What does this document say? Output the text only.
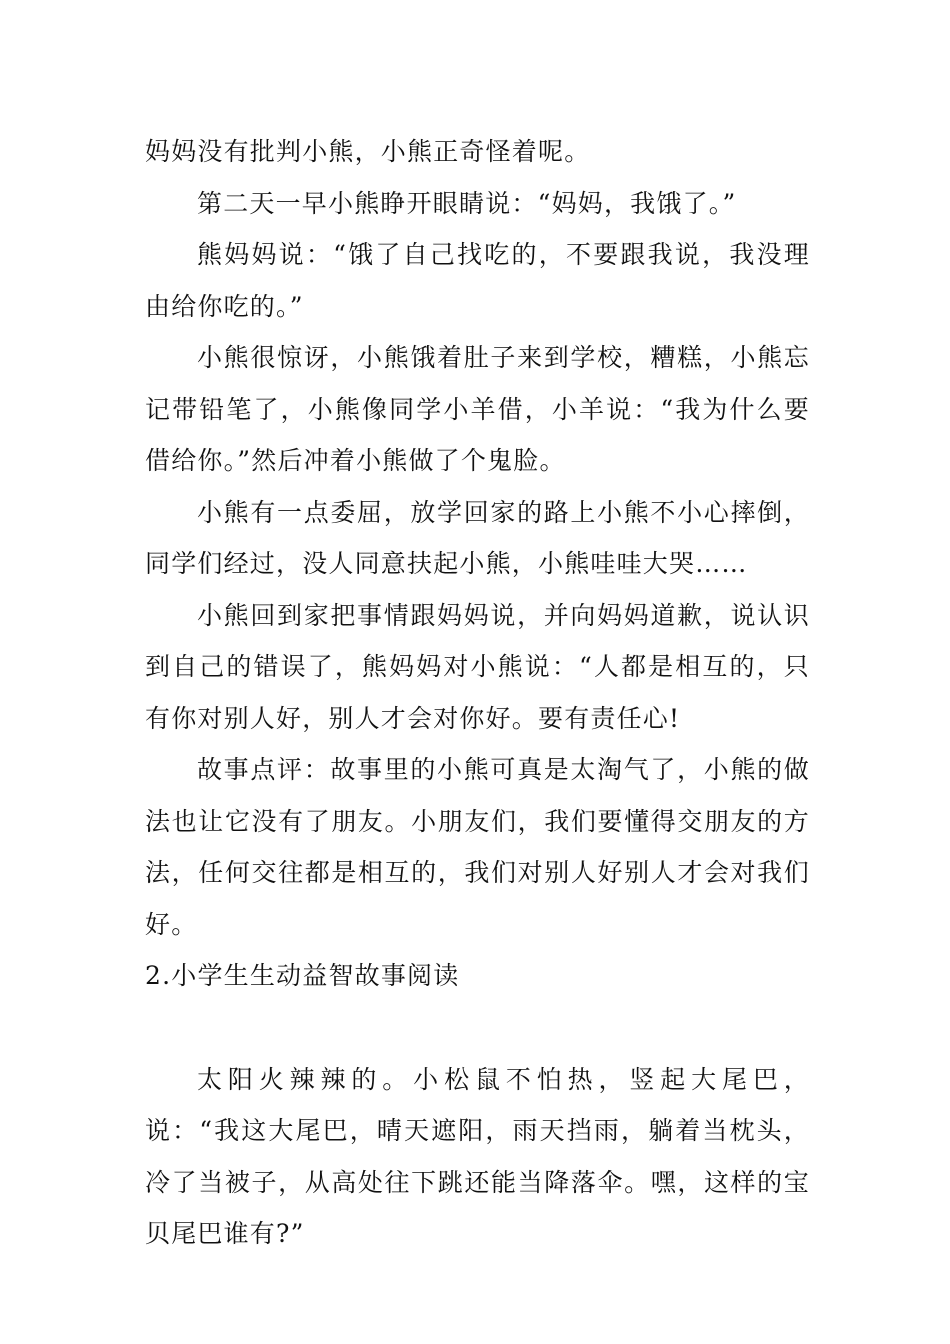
妈妈没有批判小熊，小熊正奇怪着呢。

第二天一早小熊睁开眼睛说：“妈妈，我饿了。”

熊妈妈说：“饿了自己找吃的，不要跟我说，我没理由给你吃的。”

小熊很惊讶，小熊饿着肚子来到学校，糟糕，小熊忘记带铅笔了，小熊像同学小羊借，小羊说：“我为什么要借给你。”然后冲着小熊做了个鬼脸。

小熊有一点委屈，放学回家的路上小熊不小心摔倒，同学们经过，没人同意扶起小熊，小熊哇哇大哭……

小熊回到家把事情跟妈妈说，并向妈妈道歉，说认识到自己的错误了，熊妈妈对小熊说：“人都是相互的，只有你对别人好，别人才会对你好。要有责任心!

故事点评：故事里的小熊可真是太淘气了，小熊的做法也让它没有了朋友。小朋友们，我们要懂得交朋友的方法，任何交往都是相互的，我们对别人好别人才会对我们好。

2.小学生生动益智故事阅读

太阳火辣辣的。小松鼠不怕热，竖起大尾巴，说：“我这大尾巴，晴天遮阳，雨天挡雨，躺着当枕头，冷了当被子，从高处往下跳还能当降落伞。嘿，这样的宝贝尾巴谁有?”
